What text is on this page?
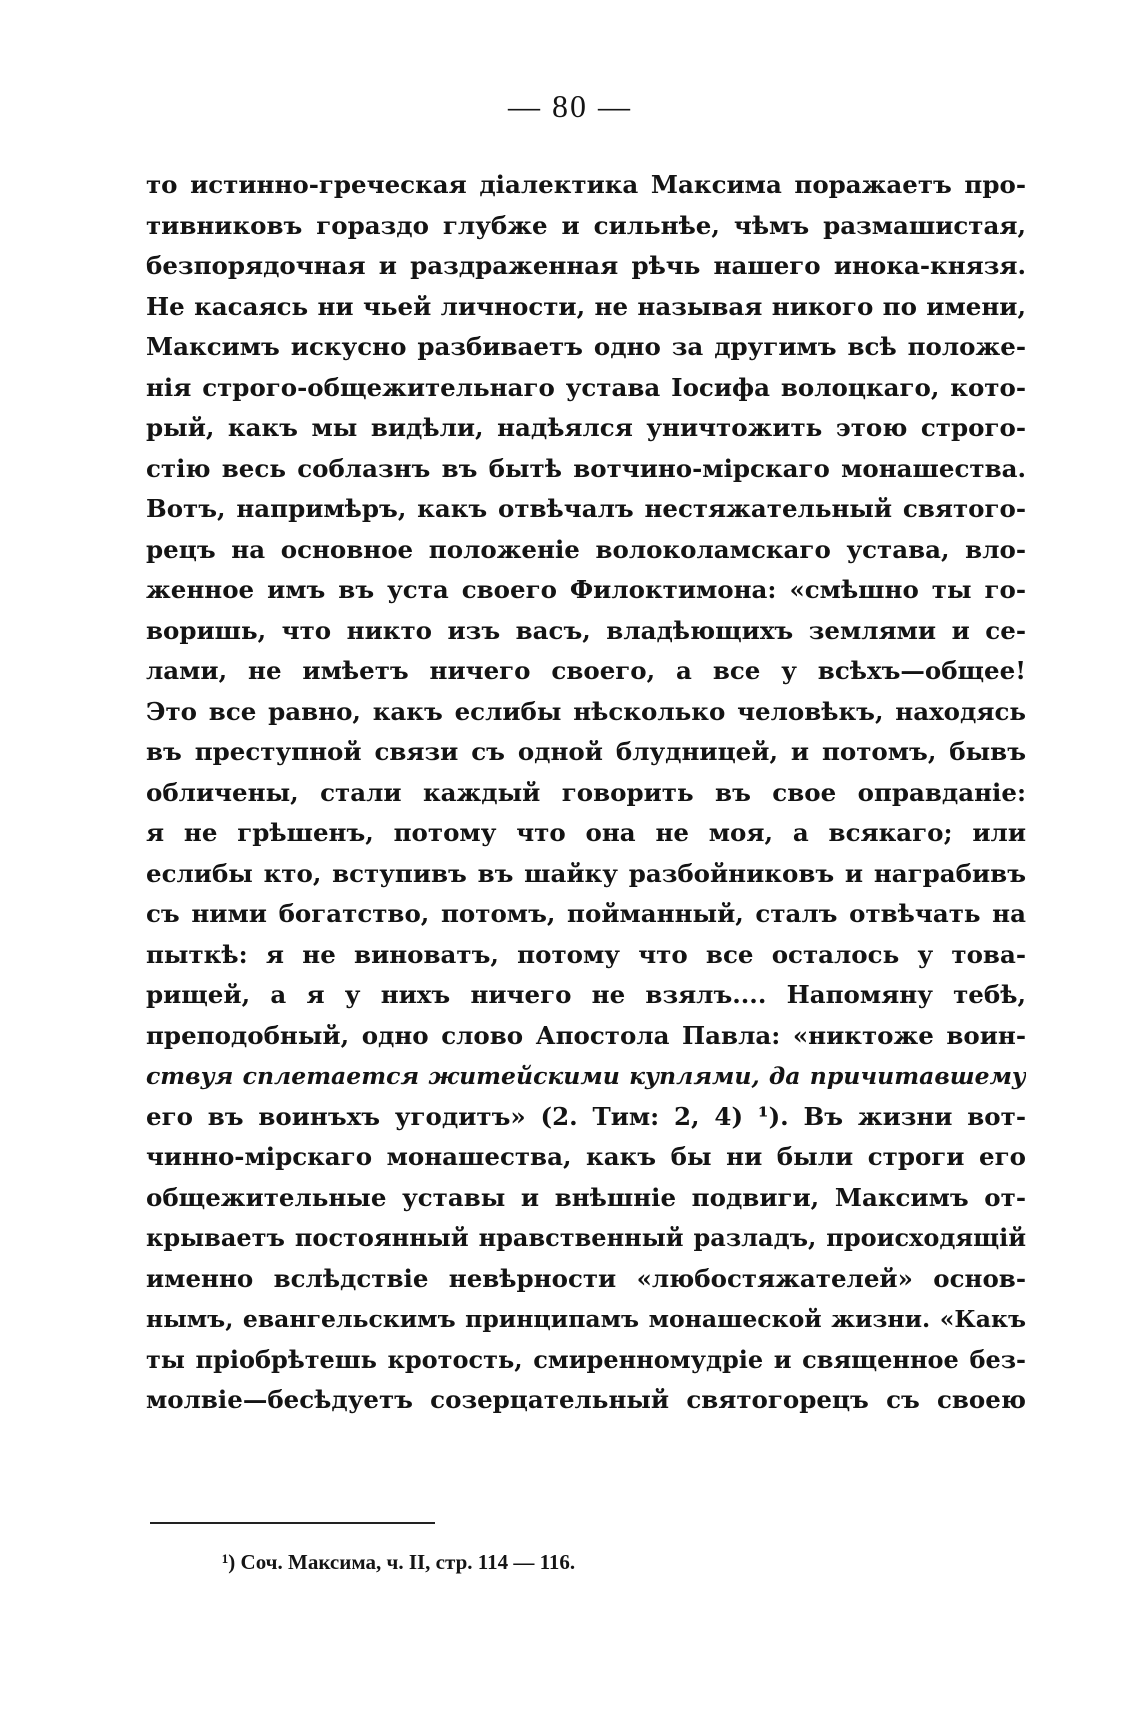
— 80 —
то истинно-греческая діалектика Максима поражаетъ про-
тивниковъ гораздо глубже и сильнѣе, чѣмъ размашистая,
безпорядочная и раздраженная рѣчь нашего инока-князя.
Не касаясь ни чьей личности, не называя никого по имени,
Максимъ искусно разбиваетъ одно за другимъ всѣ положе-
нія строго-общежительнаго устава Іосифа волоцкаго, кото-
рый, какъ мы видѣли, надѣялся уничтожить этою строго-
стію весь соблазнъ въ бытѣ вотчино-мірскаго монашества.
Вотъ, напримѣръ, какъ отвѣчалъ нестяжательный святого-
рецъ на основное положеніе волоколамскаго устава, вло-
женное имъ въ уста своего Филоктимона: «смѣшно ты го-
воришь, что никто изъ васъ, владѣющихъ землями и се-
лами, не имѣетъ ничего своего, а все у всѣхъ—общее!
Это все равно, какъ еслибы нѣсколько человѣкъ, находясь
въ преступной связи съ одной блудницей, и потомъ, бывъ
обличены, стали каждый говорить въ свое оправданіе:
я не грѣшенъ, потому что она не моя, а всякаго; или
еслибы кто, вступивъ въ шайку разбойниковъ и награбивъ
съ ними богатство, потомъ, пойманный, сталъ отвѣчать на
пыткѣ: я не виноватъ, потому что все осталось у това-
рищей, а я у нихъ ничего не взялъ.... Напомяну тебѣ,
преподобный, одно слово Апостола Павла: «никтоже воин-
ствуя сплетается житейскими куплями, да причитавшему
его въ воинъхъ угодитъ» (2. Тим: 2, 4) ¹). Въ жизни вот-
чинно-мірскаго монашества, какъ бы ни были строги его
общежительные уставы и внѣшніе подвиги, Максимъ от-
крываетъ постоянный нравственный разладъ, происходящій
именно вслѣдствіе невѣрности «любостяжателей» основ-
нымъ, евангельскимъ принципамъ монашеской жизни. «Какъ
ты пріобрѣтешь кротость, смиренномудріе и священное без-
молвіе—бесѣдуетъ созерцательный святогорецъ съ своею
¹) Соч. Максима, ч. II, стр. 114 — 116.
